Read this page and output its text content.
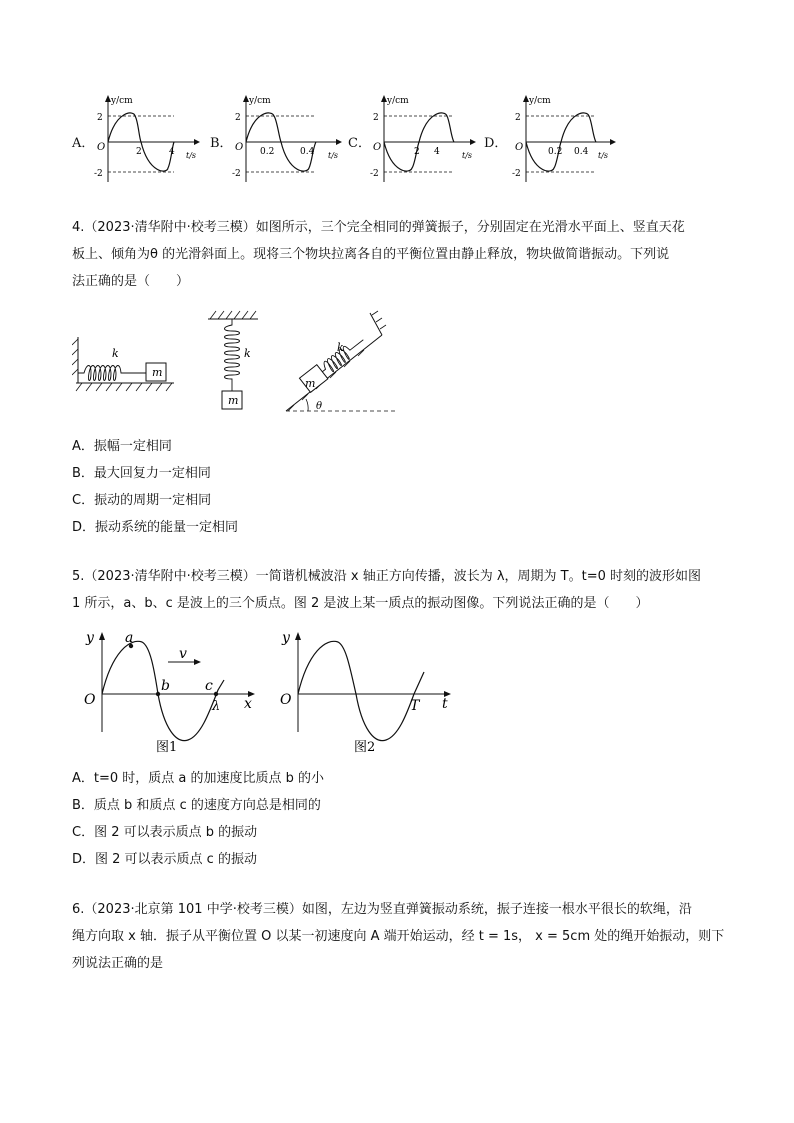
A．
y/cm
2
-2
O	2	4 t/s
B．
y/cm
2
-2
O 0.2	0.4 t/s
C．
y/cm
2
-2
O	2 4	t/s
D．
y/cm
2
-2
O	0.2 0.4 t/s
4.（2023·清华附中·校考三模）如图所示，三个完全相同的弹簧振子，分别固定在光滑水平面上、竖直天花
板上、倾角为θ 的光滑斜面上。现将三个物块拉离各自的平衡位置由静止释放，物块做简谐振动。下列说
法正确的是（　　）
m
k
m
k
m
k
θ
A．振幅一定相同
B．最大回复力一定相同
C．振动的周期一定相同
D．振动系统的能量一定相同
5.（2023·清华附中·校考三模）一简谐机械波沿 x 轴正方向传播，波长为 λ，周期为 T。t=0 时刻的波形如图
1 所示，a、b、c 是波上的三个质点。图 2 是波上某一质点的振动图像。下列说法正确的是（　　）
y
x
O
a
b	c
λ
v
图1
y
t
O	T
图2
A．t=0 时，质点 a 的加速度比质点 b 的小
B．质点 b 和质点 c 的速度方向总是相同的
C．图 2 可以表示质点 b 的振动
D．图 2 可以表示质点 c 的振动
6.（2023·北京第 101 中学·校考三模）如图，左边为竖直弹簧振动系统，振子连接一根水平很长的软绳，沿
绳方向取 x 轴．振子从平衡位置 O 以某一初速度向 A 端开始运动，经 t = 1s， x = 5cm 处的绳开始振动，则下
列说法正确的是
